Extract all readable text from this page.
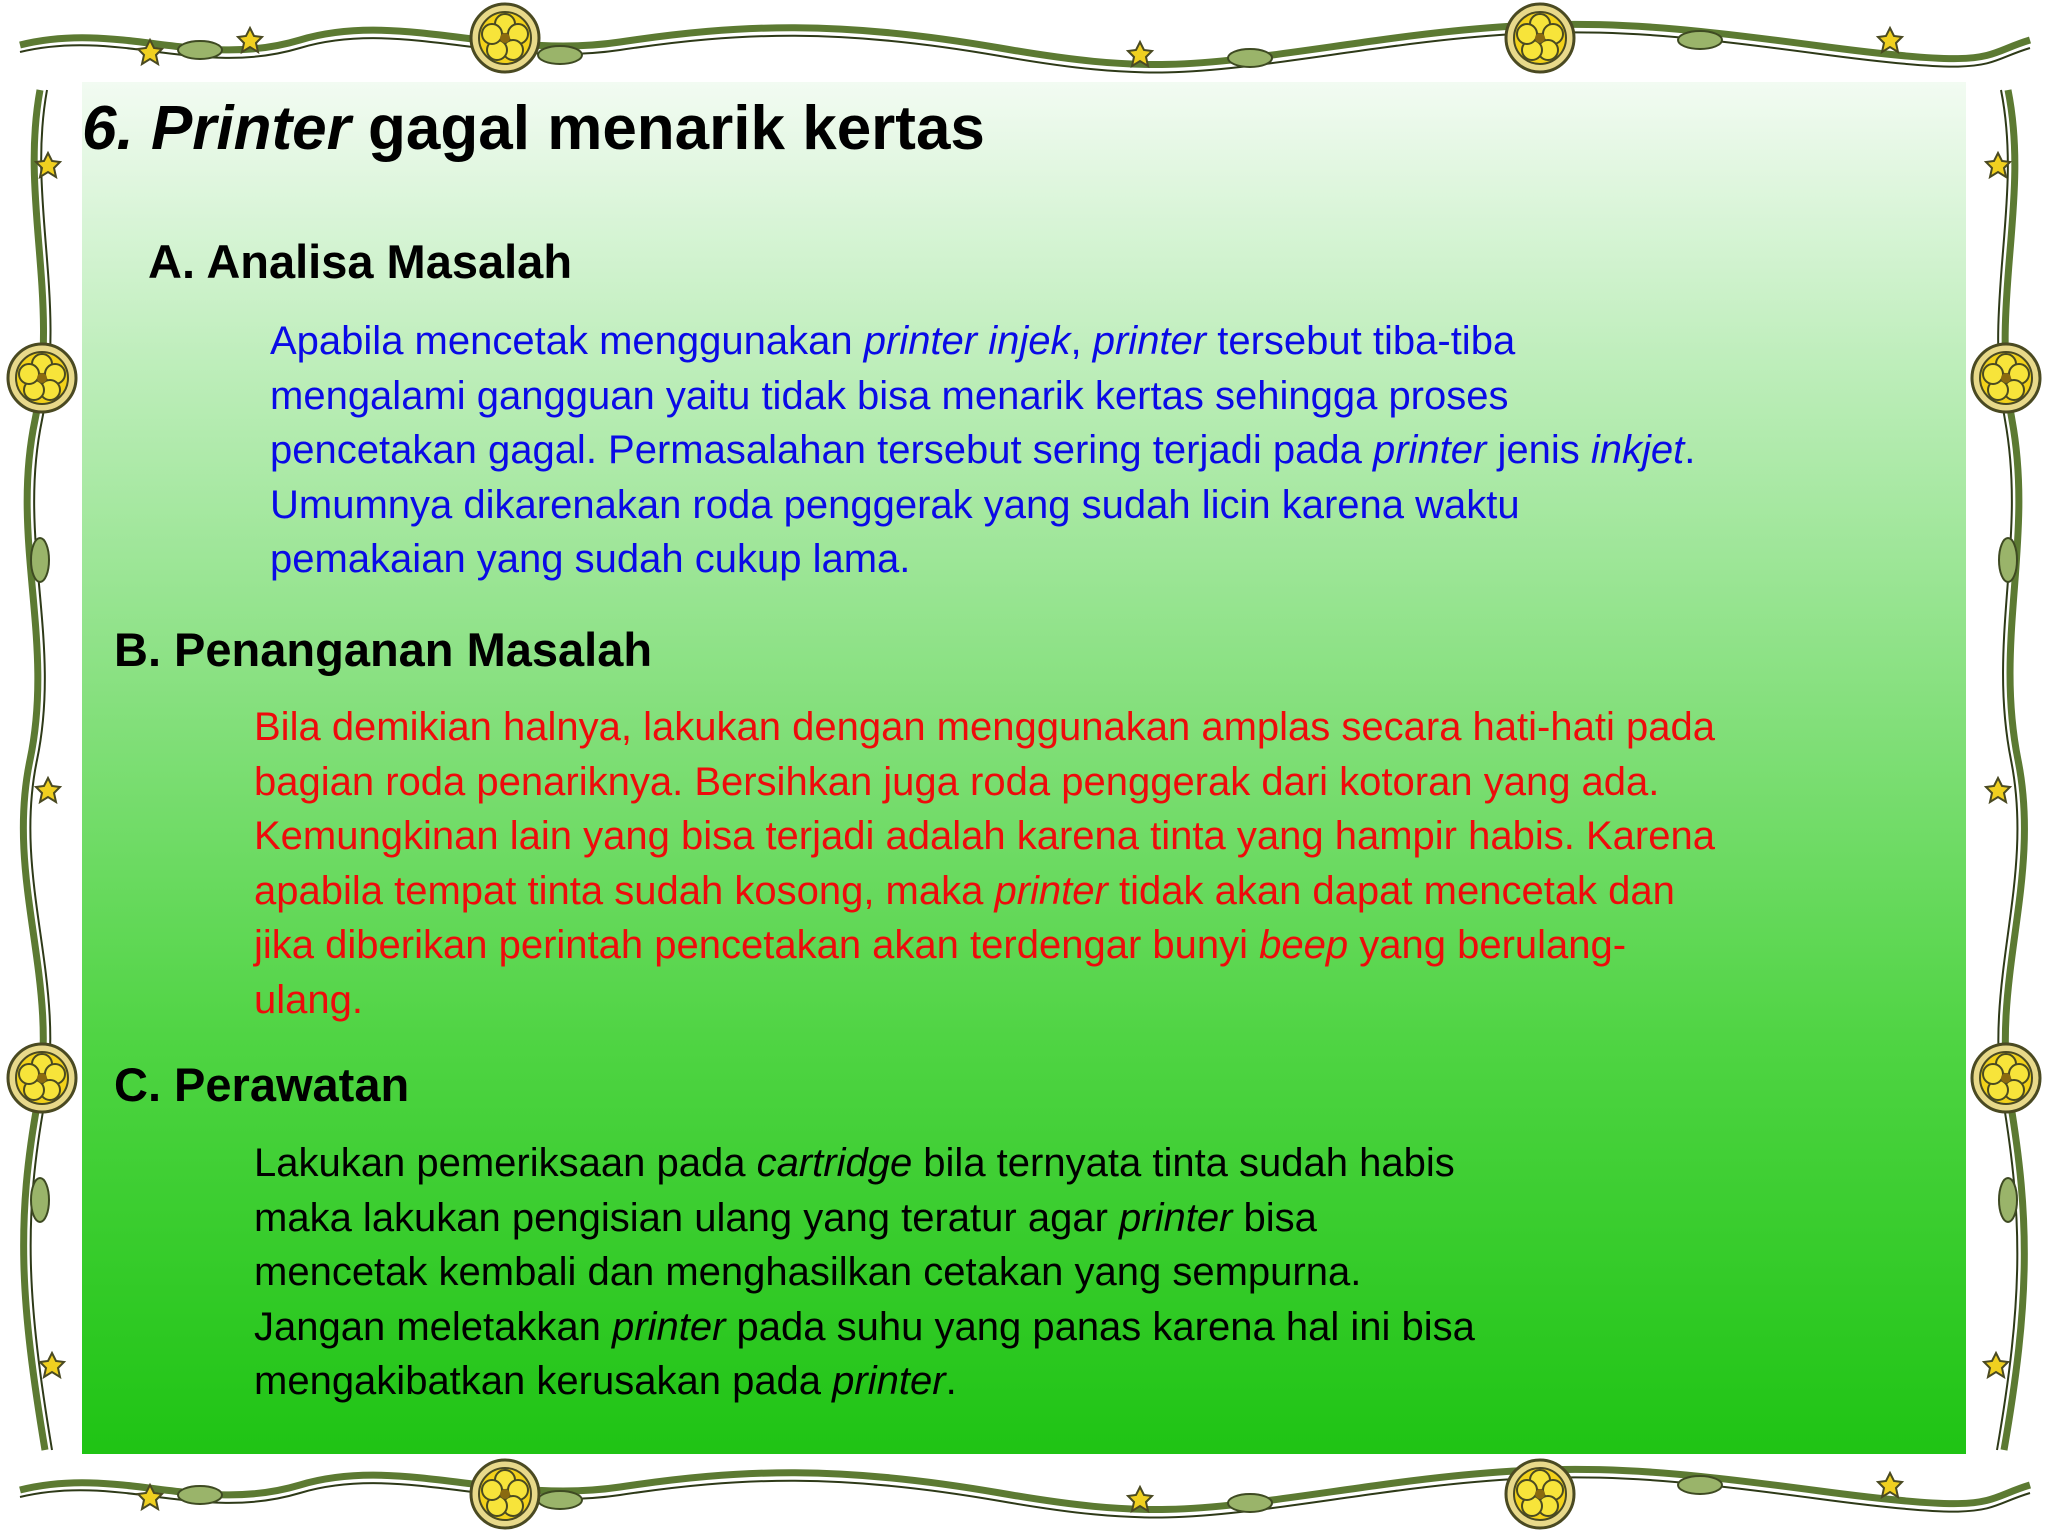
6. Printer gagal menarik kertas
A. Analisa Masalah
Apabila mencetak menggunakan printer injek, printer tersebut tiba-tiba
mengalami gangguan yaitu tidak bisa menarik kertas sehingga proses
pencetakan gagal. Permasalahan tersebut sering terjadi pada printer jenis inkjet.
Umumnya dikarenakan roda penggerak yang sudah licin karena waktu
pemakaian yang sudah cukup lama.
B. Penanganan Masalah
Bila demikian halnya, lakukan dengan menggunakan amplas secara hati-hati pada
bagian roda penariknya. Bersihkan juga roda penggerak dari kotoran yang ada.
Kemungkinan lain yang bisa terjadi adalah karena tinta yang hampir habis. Karena
apabila tempat tinta sudah kosong, maka printer tidak akan dapat mencetak dan
jika diberikan perintah pencetakan akan terdengar bunyi beep yang berulang-
ulang.
C. Perawatan
Lakukan pemeriksaan pada cartridge bila ternyata tinta sudah habis
maka lakukan pengisian ulang yang teratur agar printer bisa
mencetak kembali dan menghasilkan cetakan yang sempurna.
Jangan meletakkan printer pada suhu yang panas karena hal ini bisa
mengakibatkan kerusakan pada printer.
